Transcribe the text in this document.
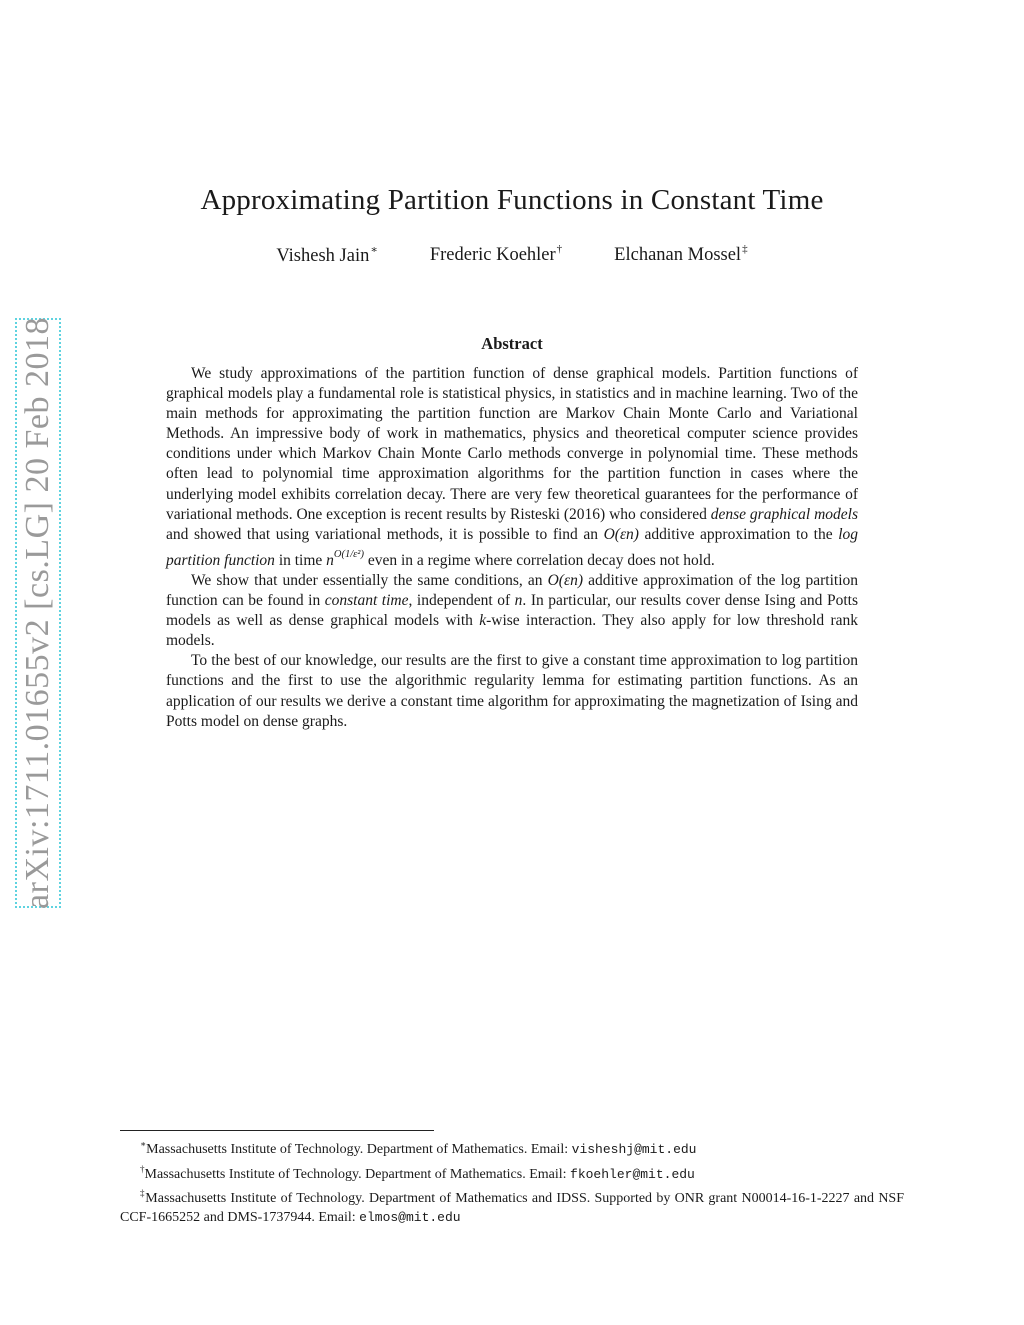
arXiv:1711.01655v2 [cs.LG] 20 Feb 2018
Approximating Partition Functions in Constant Time
Vishesh Jain∗	Frederic Koehler†	Elchanan Mossel‡
Abstract

We study approximations of the partition function of dense graphical models. Partition functions of graphical models play a fundamental role is statistical physics, in statistics and in machine learning. Two of the main methods for approximating the partition function are Markov Chain Monte Carlo and Variational Methods. An impressive body of work in mathematics, physics and theoretical computer science provides conditions under which Markov Chain Monte Carlo methods converge in polynomial time. These methods often lead to polynomial time approximation algorithms for the partition function in cases where the underlying model exhibits correlation decay. There are very few theoretical guarantees for the performance of variational methods. One exception is recent results by Risteski (2016) who considered dense graphical models and showed that using variational methods, it is possible to find an O(εn) additive approximation to the log partition function in time $n^{O(1/\varepsilon^2)}$ even in a regime where correlation decay does not hold.

We show that under essentially the same conditions, an O(εn) additive approximation of the log partition function can be found in constant time, independent of n. In particular, our results cover dense Ising and Potts models as well as dense graphical models with k-wise interaction. They also apply for low threshold rank models.

To the best of our knowledge, our results are the first to give a constant time approximation to log partition functions and the first to use the algorithmic regularity lemma for estimating partition functions. As an application of our results we derive a constant time algorithm for approximating the magnetization of Ising and Potts model on dense graphs.

∗Massachusetts Institute of Technology. Department of Mathematics. Email: visheshj@mit.edu

†Massachusetts Institute of Technology. Department of Mathematics. Email: fkoehler@mit.edu

‡Massachusetts Institute of Technology. Department of Mathematics and IDSS. Supported by ONR grant N00014-16-1-2227 and NSF CCF-1665252 and DMS-1737944. Email: elmos@mit.edu
